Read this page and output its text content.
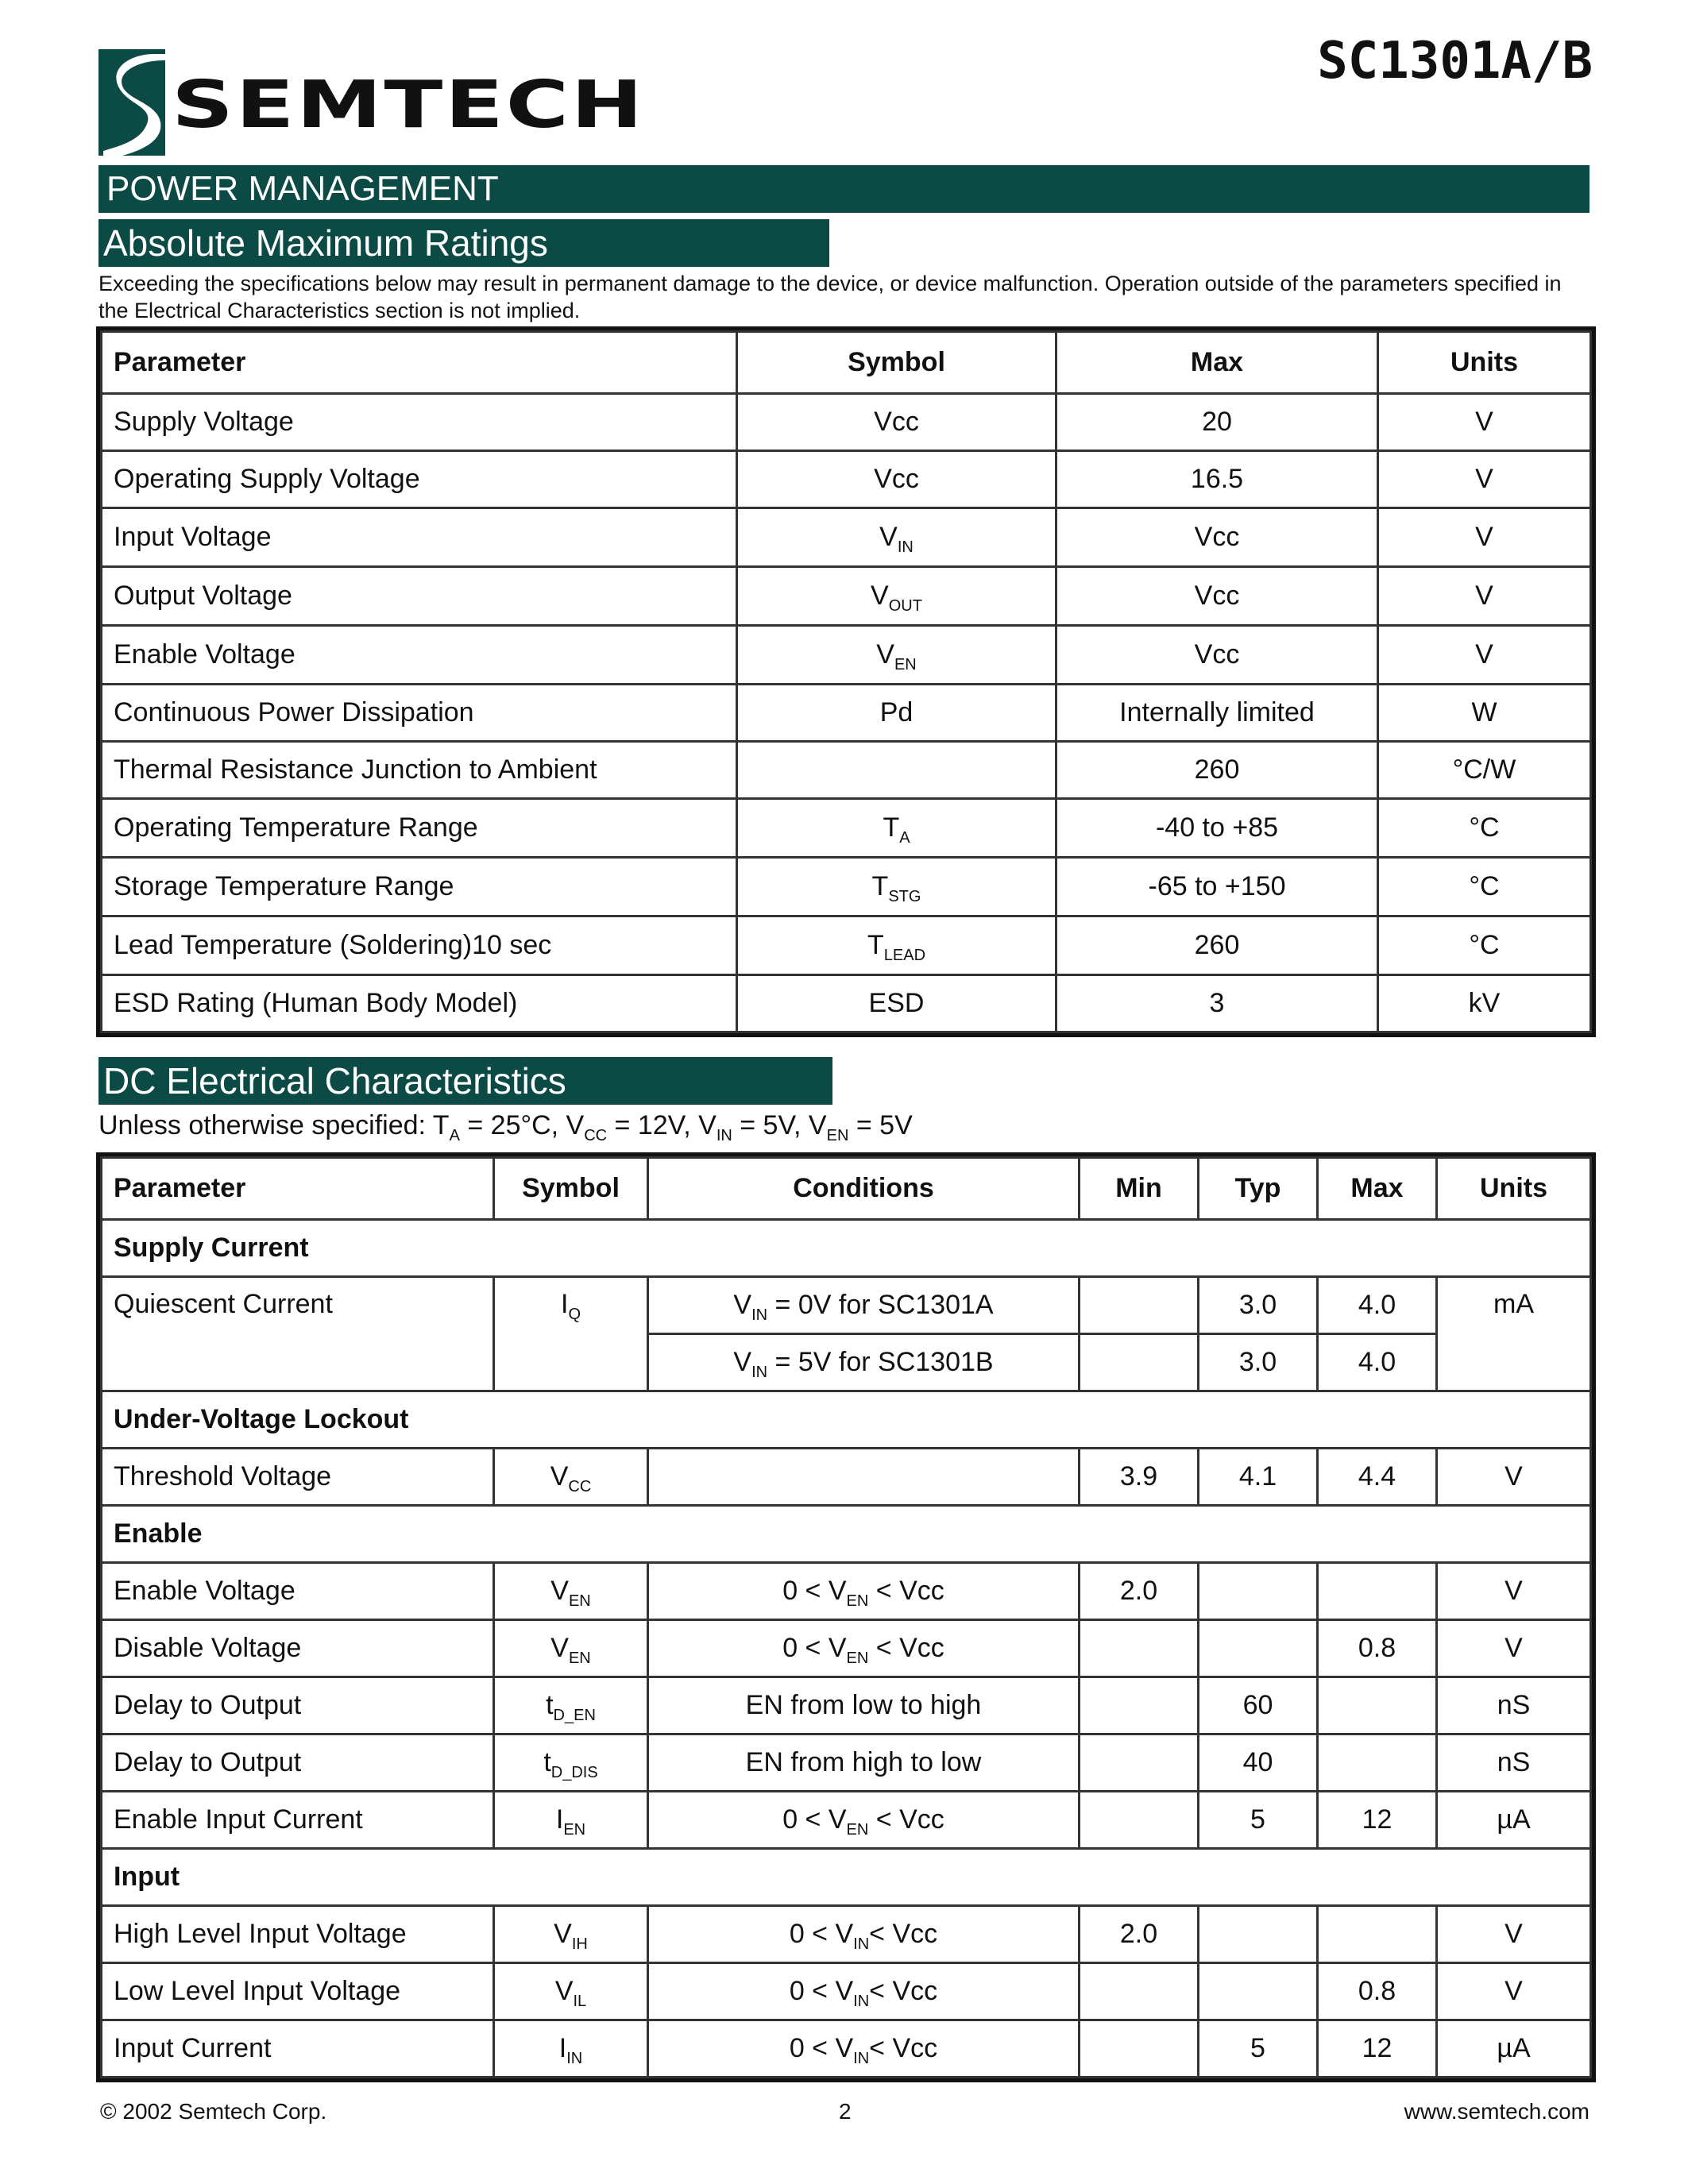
SEMTECH
SC1301A/B
POWER MANAGEMENT
Absolute Maximum Ratings
Exceeding the specifications below may result in permanent damage to the device, or device malfunction. Operation outside of the parameters specified in the Electrical Characteristics section is not implied.
Parameter	Symbol	Max	Units
Supply Voltage	Vcc	20	V
Operating Supply Voltage	Vcc	16.5	V
Input Voltage	$V_{IN}$	Vcc	V
Output Voltage	$V_{OUT}$	Vcc	V
Enable Voltage	$V_{EN}$	Vcc	V
Continuous Power Dissipation	Pd	Internally limited	W
Thermal Resistance Junction to Ambient		260	°C/W
Operating Temperature Range	$T_A$	-40 to +85	°C
Storage Temperature Range	$T_{STG}$	-65 to +150	°C
Lead Temperature (Soldering)10 sec	$T_{LEAD}$	260	°C
ESD Rating (Human Body Model)	ESD	3	kV
DC Electrical Characteristics
Unless otherwise specified: $T_A = 25^\circ C$, $V_{CC} = 12V$, $V_{IN} = 5V$, $V_{EN} = 5V$
Parameter	Symbol	Conditions	Min	Typ	Max	Units
Supply Current						
Quiescent Current	$I_Q$	$V_{IN} = 0V$ for SC1301A		3.0	4.0	mA
		$V_{IN} = 5V$ for SC1301B		3.0	4.0	
Under-Voltage Lockout						
Threshold Voltage	$V_{CC}$		3.9	4.1	4.4	V
Enable						
Enable Voltage	$V_{EN}$	$0 < V_{EN}$ < Vcc	2.0			V
Disable Voltage	$V_{EN}$	$0 < V_{EN}$ < Vcc			0.8	V
Delay to Output	$t_{D\_EN}$	EN from low to high		60		nS
Delay to Output	$t_{D\_DIS}$	EN from high to low		40		nS
Enable Input Current	$I_{EN}$	$0 < V_{EN}$ < Vcc		5	12	µA
Input						
High Level Input Voltage	$V_{IH}$	$0 < V_{IN}<$ Vcc	2.0			V
Low Level Input Voltage	$V_{IL}$	$0 < V_{IN}<$ Vcc			0.8	V
Input Current	$I_{IN}$	$0 < V_{IN}<$ Vcc		5	12	µA
© 2002 Semtech Corp.	2	www.semtech.com
